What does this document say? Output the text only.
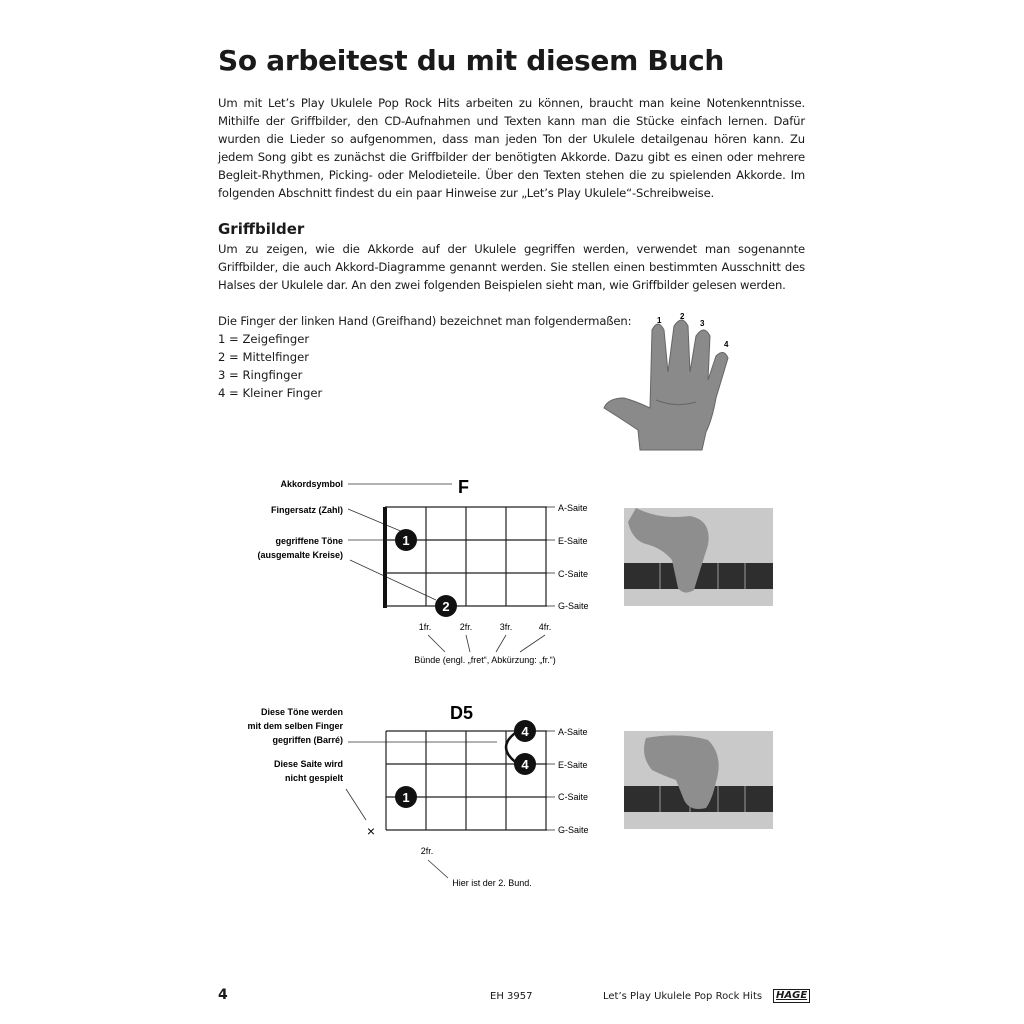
So arbeitest du mit diesem Buch

Um mit Let’s Play Ukulele Pop Rock Hits arbeiten zu können, braucht man keine Notenkenntnisse. Mithilfe der Griffbilder, den CD-Aufnahmen und Texten kann man die Stücke einfach lernen. Dafür wurden die Lieder so aufgenommen, dass man jeden Ton der Ukulele detailgenau hören kann. Zu jedem Song gibt es zunächst die Griffbilder der benötigten Akkorde. Dazu gibt es einen oder mehrere Begleit-Rhythmen, Picking- oder Melodieteile. Über den Texten stehen die zu spielenden Akkorde. Im folgenden Abschnitt findest du ein paar Hinweise zur „Let’s Play Ukulele“-Schreibweise.

Griffbilder

Um zu zeigen, wie die Akkorde auf der Ukulele gegriffen werden, verwendet man sogenannte Griffbilder, die auch Akkord-Diagramme genannt werden. Sie stellen einen bestimmten Ausschnitt des Halses der Ukulele dar. An den zwei folgenden Beispielen sieht man, wie Griffbilder gelesen werden.

Die Finger der linken Hand (Greifhand) bezeichnet man folgendermaßen:
1 = Zeigefinger
2 = Mittelfinger
3 = Ringfinger
4 = Kleiner Finger
1 2
3
4
F
Akkordsymbol
Fingersatz (Zahl)
gegriffene Töne
(ausgemalte Kreise)
A-Saite
E-Saite
C-Saite
G-Saite
1
2
1fr.	2fr.	3fr.	4fr.
Bünde (engl. „fret“, Abkürzung: „fr.“)
D5
Diese Töne werden
mit dem selben Finger
gegriffen (Barré)
Diese Saite wird
nicht gespielt
A-Saite
E-Saite
C-Saite
G-Saite
4
4
1
×
2fr.
Hier ist der 2. Bund.
4	EH 3957	Let’s Play Ukulele Pop Rock Hits	HAGE
